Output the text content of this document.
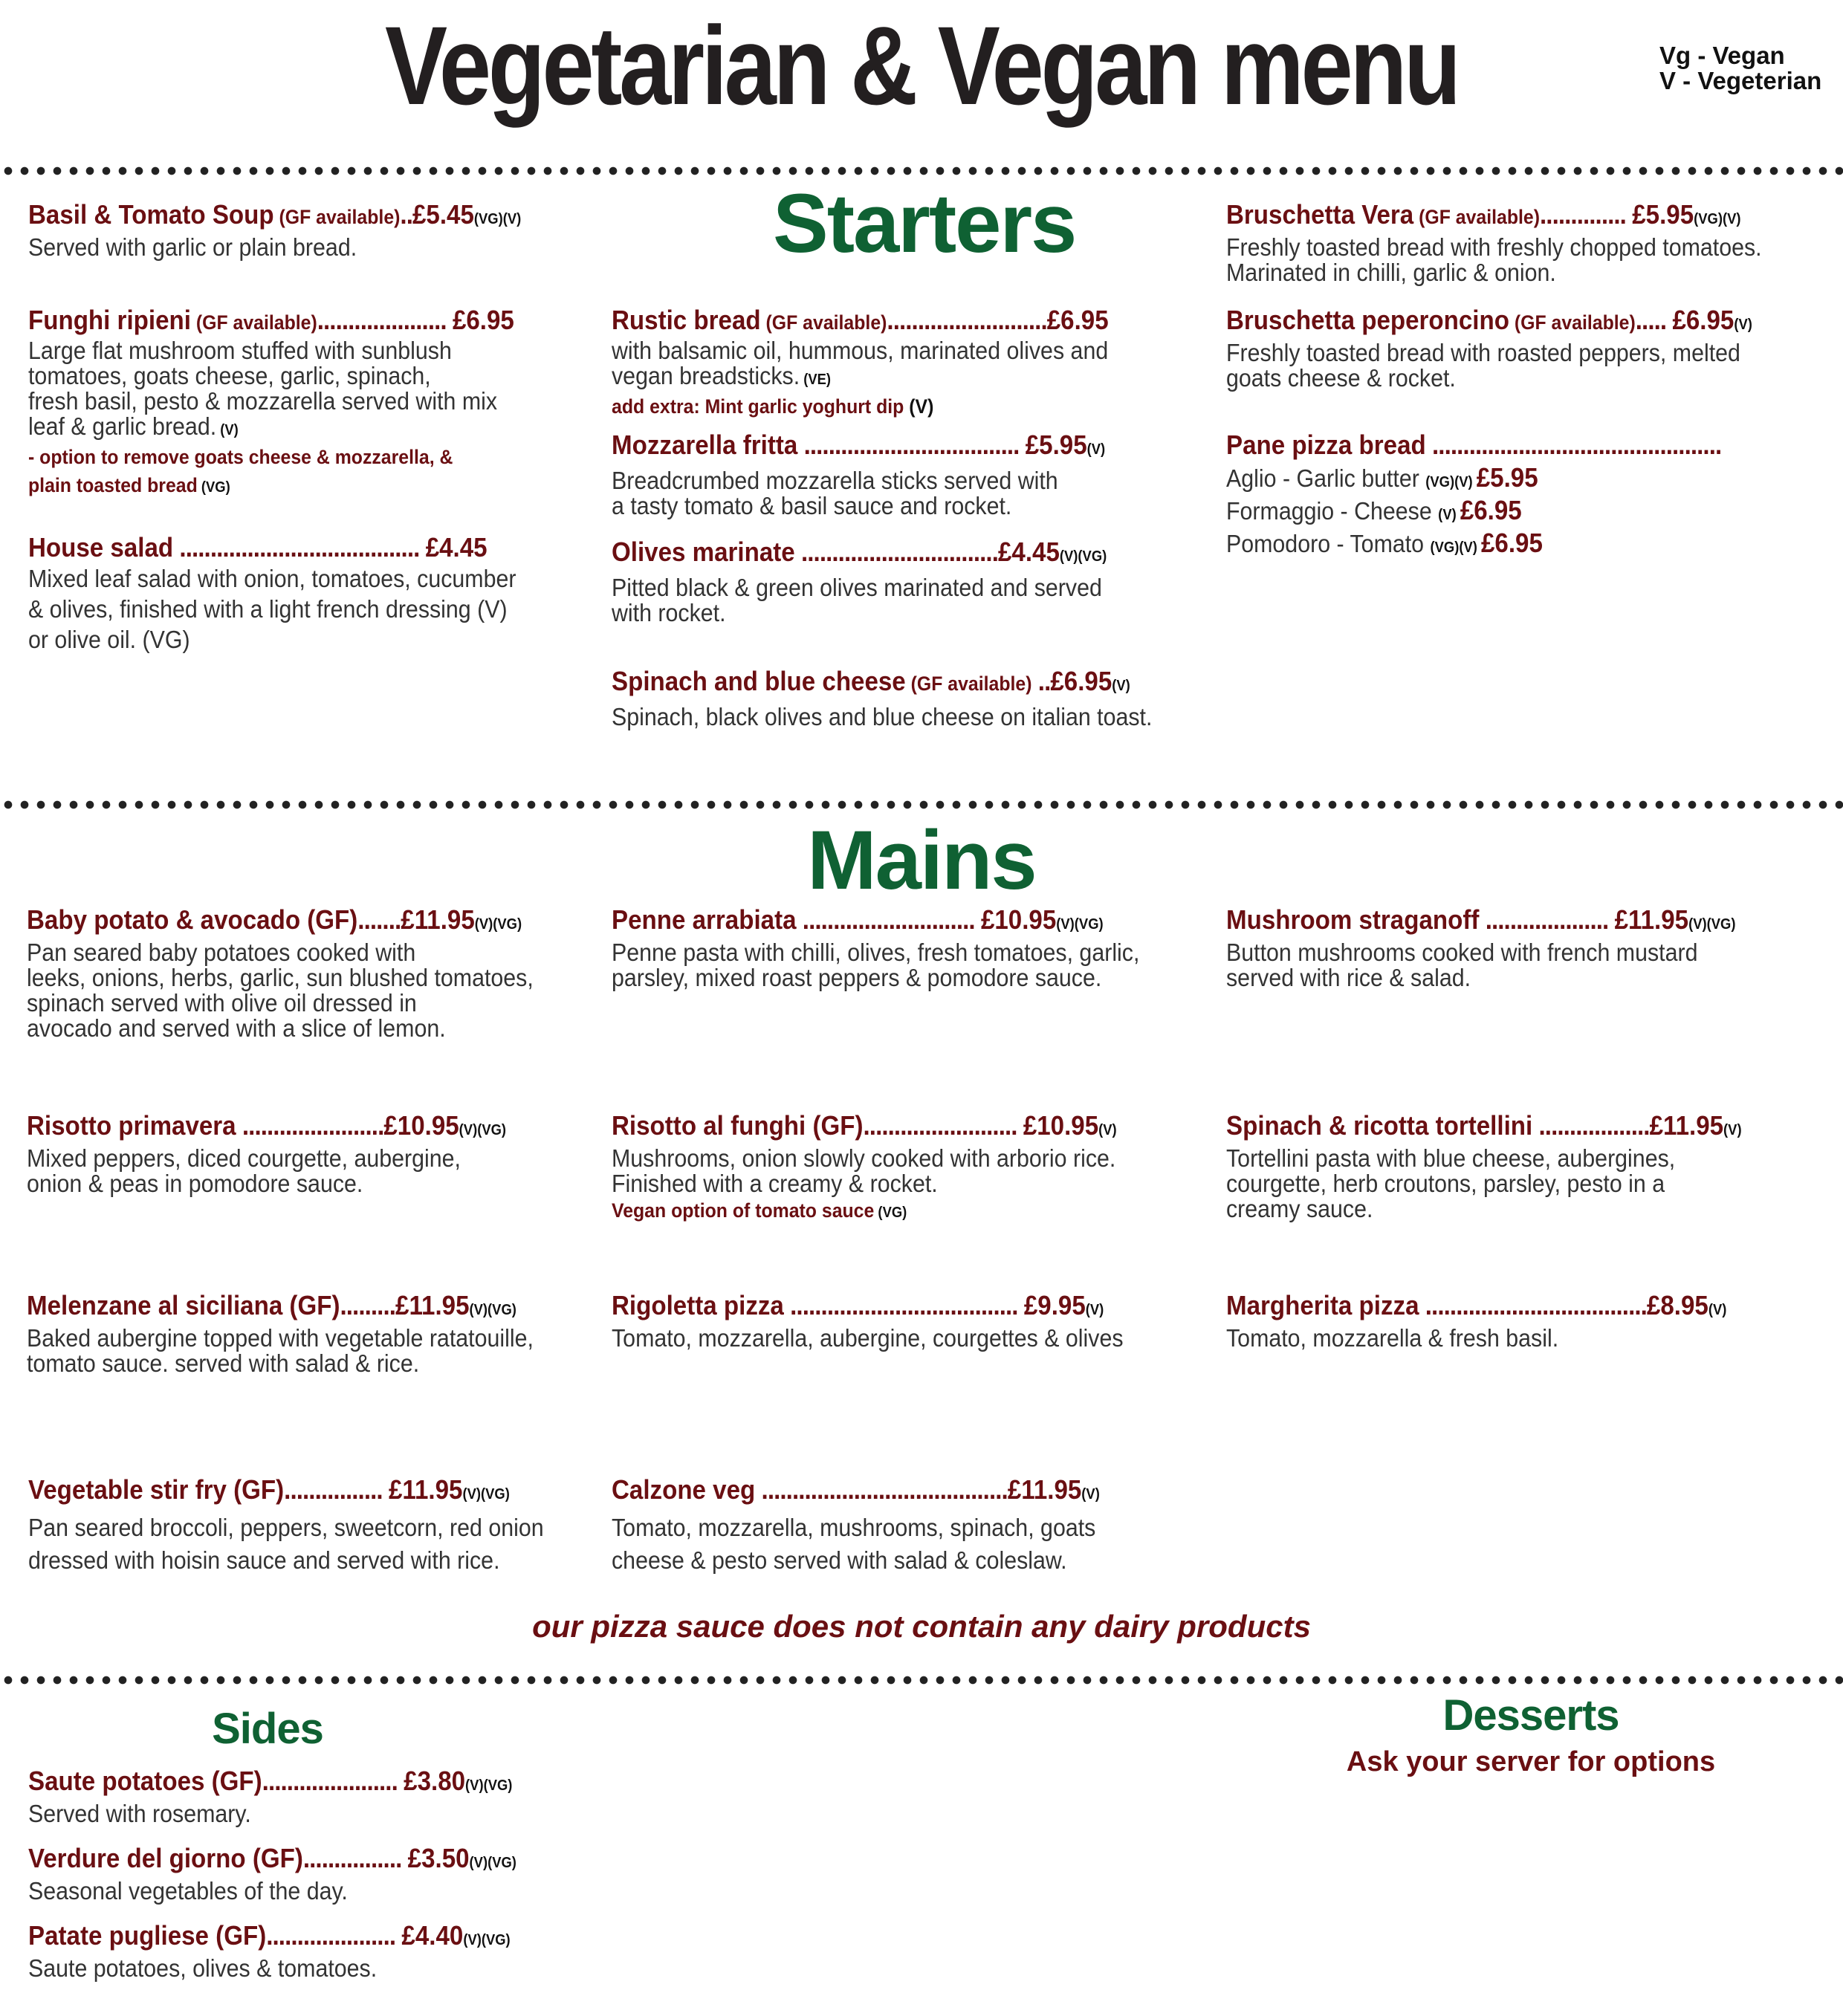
Vegetarian & Vegan menu	Vg - Vegan
V - Vegeterian
Starters
Basil & Tomato Soup (GF available)..£5.45(VG)(V)
Served with garlic or plain bread.
Funghi ripieni (GF available)..................... £6.95
Large flat mushroom stuffed with sunblush
tomatoes, goats cheese, garlic, spinach,
fresh basil, pesto & mozzarella served with mix
leaf & garlic bread. (V)
- option to remove goats cheese & mozzarella, &
plain toasted bread (VG)
House salad ....................................... £4.45
Mixed leaf salad with onion, tomatoes, cucumber
& olives, finished with a light french dressing (V)
or olive oil. (VG)
Rustic bread (GF available)..........................£6.95
with balsamic oil, hummous, marinated olives and
vegan breadsticks. (VE)
add extra: Mint garlic yoghurt dip (V)
Mozzarella fritta ................................... £5.95(V)
Breadcrumbed mozzarella sticks served with
a tasty tomato & basil sauce and rocket.
Olives marinate ................................£4.45(V)(VG)
Pitted black & green olives marinated and served
with rocket.
Spinach and blue cheese (GF available) ..£6.95(V)
Spinach, black olives and blue cheese on italian toast.
Bruschetta Vera (GF available).............. £5.95(VG)(V)
Freshly toasted bread with freshly chopped tomatoes.
Marinated in chilli, garlic & onion.
Bruschetta peperoncino (GF available)..... £6.95(V)
Freshly toasted bread with roasted peppers, melted
goats cheese & rocket.
Pane pizza bread ...............................................
Aglio - Garlic butter (VG)(V) £5.95
Formaggio - Cheese (V) £6.95
Pomodoro - Tomato (VG)(V) £6.95
Mains
Baby potato & avocado (GF).......£11.95(V)(VG)
Pan seared baby potatoes cooked with
leeks, onions, herbs, garlic, sun blushed tomatoes,
spinach served with olive oil dressed in
avocado and served with a slice of lemon.
Penne arrabiata ............................ £10.95(V)(VG)
Penne pasta with chilli, olives, fresh tomatoes, garlic,
parsley, mixed roast peppers & pomodore sauce.
Mushroom straganoff .................... £11.95(V)(VG)
Button mushrooms cooked with french mustard
served with rice & salad.
Risotto primavera .......................£10.95(V)(VG)
Mixed peppers, diced courgette, aubergine,
onion & peas in pomodore sauce.
Risotto al funghi (GF)......................... £10.95(V)
Mushrooms, onion slowly cooked with arborio rice.
Finished with a creamy & rocket.
Vegan option of tomato sauce (VG)
Spinach & ricotta tortellini ..................£11.95(V)
Tortellini pasta with blue cheese, aubergines,
courgette, herb croutons, parsley, pesto in a
creamy sauce.
Melenzane al siciliana (GF).........£11.95(V)(VG)
Baked aubergine topped with vegetable ratatouille,
tomato sauce. served with salad & rice.
Rigoletta pizza ..................................... £9.95(V)
Tomato, mozzarella, aubergine, courgettes & olives
Margherita pizza ....................................£8.95(V)
Tomato, mozzarella & fresh basil.
Vegetable stir fry (GF)................ £11.95(V)(VG)
Pan seared broccoli, peppers, sweetcorn, red onion
dressed with hoisin sauce and served with rice.
Calzone veg ........................................£11.95(V)
Tomato, mozzarella, mushrooms, spinach, goats
cheese & pesto served with salad & coleslaw.
our pizza sauce does not contain any dairy products
Sides
Saute potatoes (GF)...................... £3.80(V)(VG)
Served with rosemary.
Verdure del giorno (GF)................ £3.50(V)(VG)
Seasonal vegetables of the day.
Patate pugliese (GF)..................... £4.40(V)(VG)
Saute potatoes, olives & tomatoes.
Desserts
Ask your server for options
